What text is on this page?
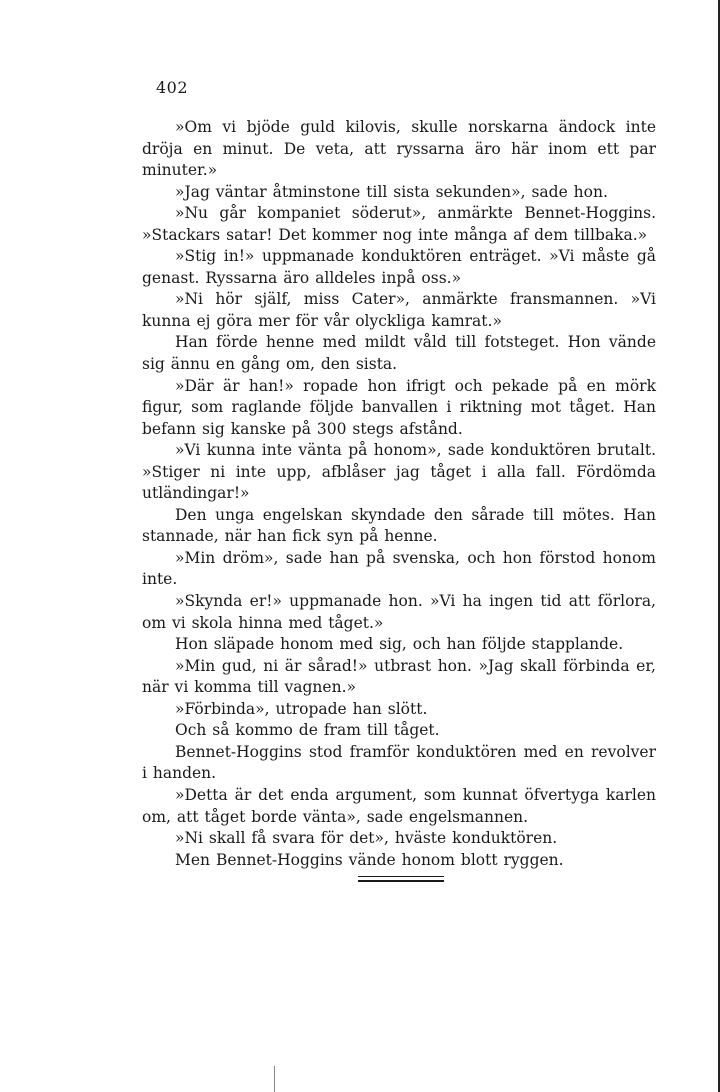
402

»Om vi bjöde guld kilovis, skulle norskarna ändock inte dröja en minut. De veta, att ryssarna äro här inom ett par minuter.»

»Jag väntar åtminstone till sista sekunden», sade hon.

»Nu går kompaniet söderut», anmärkte Bennet-Hoggins. »Stackars satar! Det kommer nog inte många af dem tillbaka.»

»Stig in!» uppmanade konduktören enträget. »Vi måste gå genast. Ryssarna äro alldeles inpå oss.»

»Ni hör själf, miss Cater», anmärkte fransmannen. »Vi kunna ej göra mer för vår olyckliga kamrat.»

Han förde henne med mildt våld till fotsteget. Hon vände sig ännu en gång om, den sista.

»Där är han!» ropade hon ifrigt och pekade på en mörk figur, som raglande följde banvallen i riktning mot tåget. Han befann sig kanske på 300 stegs afstånd.

»Vi kunna inte vänta på honom», sade konduktören brutalt. »Stiger ni inte upp, afblåser jag tåget i alla fall. Fördömda utländingar!»

Den unga engelskan skyndade den sårade till mötes. Han stannade, när han fick syn på henne.

»Min dröm», sade han på svenska, och hon förstod honom inte.

»Skynda er!» uppmanade hon. »Vi ha ingen tid att förlora, om vi skola hinna med tåget.»

Hon släpade honom med sig, och han följde stapplande.

»Min gud, ni är sårad!» utbrast hon. »Jag skall förbinda er, när vi komma till vagnen.»

»Förbinda», utropade han slött.

Och så kommo de fram till tåget.

Bennet-Hoggins stod framför konduktören med en revolver i handen.

»Detta är det enda argument, som kunnat öfvertyga karlen om, att tåget borde vänta», sade engelsmannen.

»Ni skall få svara för det», hväste konduktören.

Men Bennet-Hoggins vände honom blott ryggen.
